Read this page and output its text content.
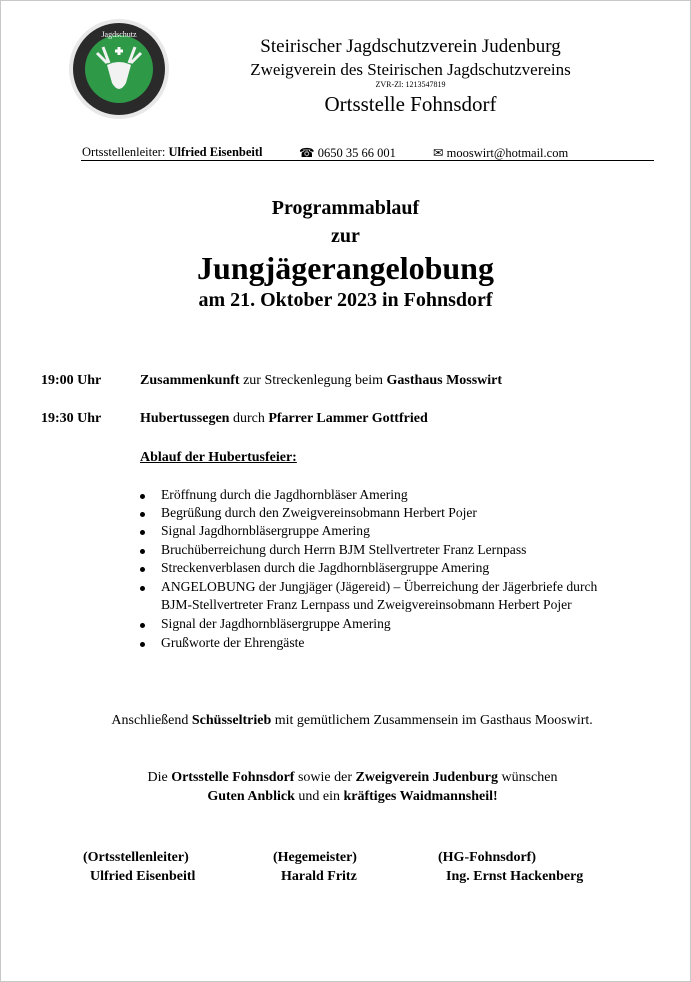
Jagdschutz
Steirischer Jagdschutzverein Judenburg
Zweigverein des Steirischen Jagdschutzvereins
ZVR-Zl: 1213547819
Ortsstelle Fohnsdorf
Ortsstellenleiter: Ulfried Eisenbeitl	☎ 0650 35 66 001	✉ mooswirt@hotmail.com
Programmablauf
zur
Jungjägerangelobung
am 21. Oktober 2023 in Fohnsdorf
19:00 Uhr	Zusammenkunft zur Streckenlegung beim Gasthaus Mosswirt
19:30 Uhr	Hubertussegen durch Pfarrer Lammer Gottfried
Ablauf der Hubertusfeier:
Eröffnung durch die Jagdhornbläser Amering
Begrüßung durch den Zweigvereinsobmann Herbert Pojer
Signal Jagdhornbläsergruppe Amering
Bruchüberreichung durch Herrn BJM Stellvertreter Franz Lernpass
Streckenverblasen durch die Jagdhornbläsergruppe Amering
ANGELOBUNG der Jungjäger (Jägereid) – Überreichung der Jägerbriefe durch
BJM-Stellvertreter Franz Lernpass und Zweigvereinsobmann Herbert Pojer
Signal der Jagdhornbläsergruppe Amering
Grußworte der Ehrengäste

Anschließend Schüsseltrieb mit gemütlichem Zusammensein im Gasthaus Mooswirt.

Die Ortsstelle Fohnsdorf sowie der Zweigverein Judenburg wünschen

Guten Anblick und ein kräftiges Waidmannsheil!

(Ortsstellenleiter)
Ulfried Eisenbeitl
(Hegemeister)
Harald Fritz
(HG-Fohnsdorf)
Ing. Ernst Hackenberg
